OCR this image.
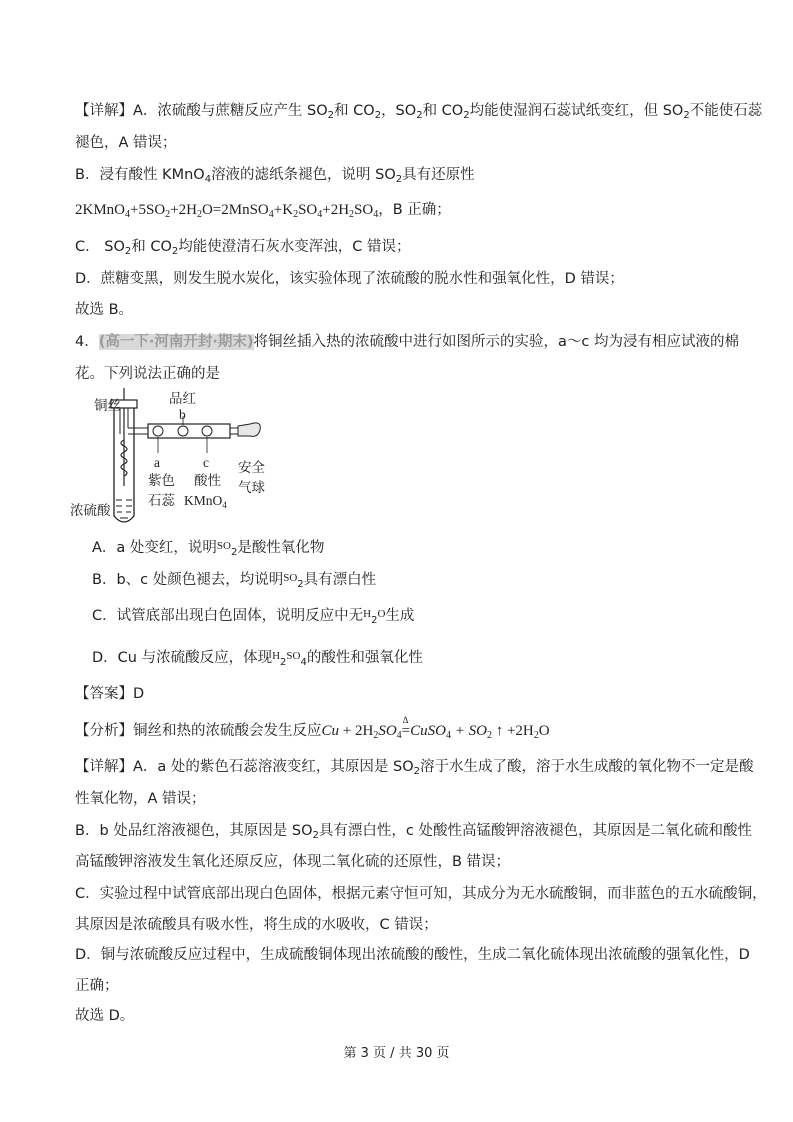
【详解】A．浓硫酸与蔗糖反应产生 $SO_2$和 $CO_2$，$SO_2$和 $CO_2$均能使湿润石蕊试纸变红，但 $SO_2$不能使石蕊
褪色，A 错误；
B．浸有酸性 KMnO$_4$溶液的滤纸条褪色，说明 $SO_2$具有还原性
$2KMnO_4+5SO_2+2H_2O=2MnSO_4+K_2SO_4+2H_2SO_4$，B 正确；
C． $SO_2$和 $CO_2$均能使澄清石灰水变浑浊，C 错误；
D．蔗糖变黑，则发生脱水炭化，该实验体现了浓硫酸的脱水性和强氧化性，D 错误；
故选 B。
4．(高一下·河南开封·期末)将铜丝插入热的浓硫酸中进行如图所示的实验，a～c 均为浸有相应试液的棉
花。下列说法正确的是
铜丝
浓硫酸
品红
b
a	c
紫色
石蕊
酸性
KMnO$_4$
安全
气球
A．a 处变红，说明$^{SO}_2$是酸性氧化物
B．b、c 处颜色褪去，均说明$^{SO}_2$具有漂白性
C．试管底部出现白色固体，说明反应中无$^H_2^O$生成
D．Cu 与浓硫酸反应，体现$^H_2^{SO}_4$的酸性和强氧化性
【答案】D
【分析】铜丝和热的浓硫酸会发生反应$Cu + 2H_2SO_4=$
Δ
CuSO$_4$ + $SO_2$ ↑ $+2H_2O$
【详解】A．a 处的紫色石蕊溶液变红，其原因是 $SO_2$溶于水生成了酸，溶于水生成酸的氧化物不一定是酸
性氧化物，A 错误；
B．b 处品红溶液褪色，其原因是 $SO_2$具有漂白性，c 处酸性高锰酸钾溶液褪色，其原因是二氧化硫和酸性
高锰酸钾溶液发生氧化还原反应，体现二氧化硫的还原性，B 错误；
C．实验过程中试管底部出现白色固体，根据元素守恒可知，其成分为无水硫酸铜，而非蓝色的五水硫酸铜，
其原因是浓硫酸具有吸水性，将生成的水吸收，C 错误；
D．铜与浓硫酸反应过程中，生成硫酸铜体现出浓硫酸的酸性，生成二氧化硫体现出浓硫酸的强氧化性，D
正确；
故选 D。
第 3 页 / 共 30 页
